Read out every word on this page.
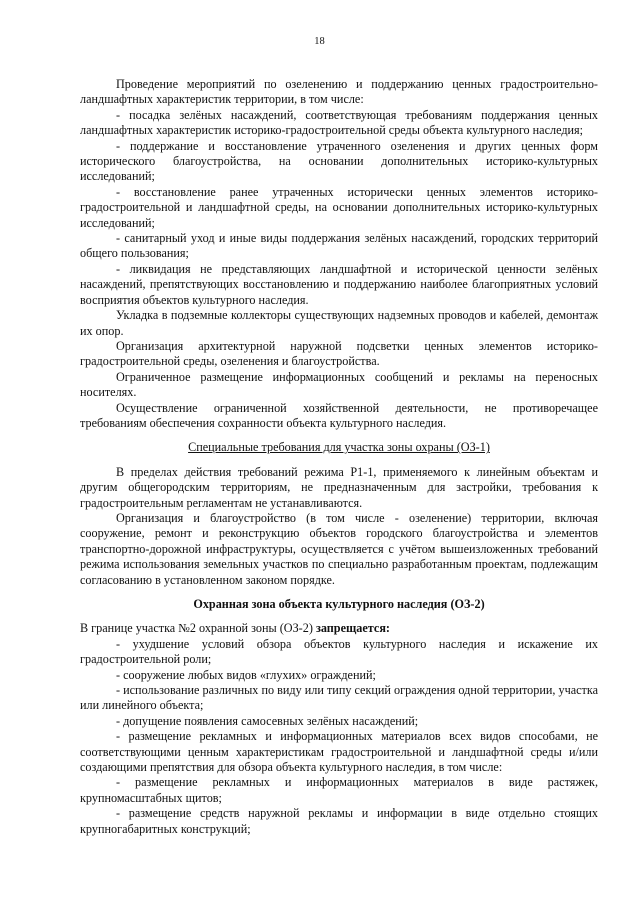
18

Проведение мероприятий по озеленению и поддержанию ценных градостроительно-ландшафтных характеристик территории, в том числе:

- посадка зелёных насаждений, соответствующая требованиям поддержания ценных ландшафтных характеристик историко-градостроительной среды объекта культурного наследия;

- поддержание и восстановление утраченного озеленения и других ценных форм исторического благоустройства, на основании дополнительных историко-культурных исследований;

- восстановление ранее утраченных исторически ценных элементов историко-градостроительной и ландшафтной среды, на основании дополнительных историко-культурных исследований;

- санитарный уход и иные виды поддержания зелёных насаждений, городских территорий общего пользования;

- ликвидация не представляющих ландшафтной и исторической ценности зелёных насаждений, препятствующих восстановлению и поддержанию наиболее благоприятных условий восприятия объектов культурного наследия.

Укладка в подземные коллекторы существующих надземных проводов и кабелей, демонтаж их опор.

Организация архитектурной наружной подсветки ценных элементов историко-градостроительной среды, озеленения и благоустройства.

Ограниченное размещение информационных сообщений и рекламы на переносных носителях.

Осуществление ограниченной хозяйственной деятельности, не противоречащее требованиям обеспечения сохранности объекта культурного наследия.

Специальные требования для участка зоны охраны (ОЗ-1)

В пределах действия требований режима Р1-1, применяемого к линейным объектам и другим общегородским территориям, не предназначенным для застройки, требования к градостроительным регламентам не устанавливаются.

Организация и благоустройство (в том числе - озеленение) территории, включая сооружение, ремонт и реконструкцию объектов городского благоустройства и элементов транспортно-дорожной инфраструктуры, осуществляется с учётом вышеизложенных требований режима использования земельных участков по специально разработанным проектам, подлежащим согласованию в установленном законом порядке.

Охранная зона объекта культурного наследия (ОЗ-2)

В границе участка №2 охранной зоны (ОЗ-2) запрещается:

- ухудшение условий обзора объектов культурного наследия и искажение их градостроительной роли;

- сооружение любых видов «глухих» ограждений;

- использование различных по виду или типу секций ограждения одной территории, участка или линейного объекта;

- допущение появления самосевных зелёных насаждений;

- размещение рекламных и информационных материалов всех видов способами, не соответствующими ценным характеристикам градостроительной и ландшафтной среды и/или создающими препятствия для обзора объекта культурного наследия, в том числе:

- размещение рекламных и информационных материалов в виде растяжек, крупномасштабных щитов;

- размещение средств наружной рекламы и информации в виде отдельно стоящих крупногабаритных конструкций;
